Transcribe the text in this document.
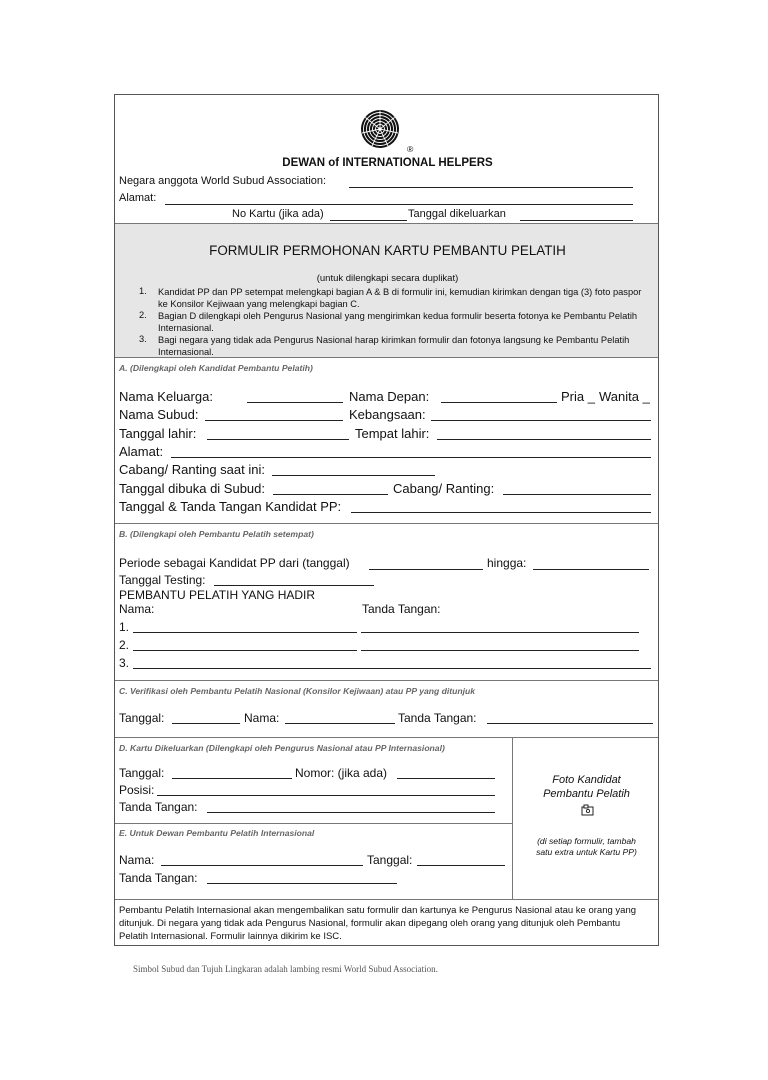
®
DEWAN of INTERNATIONAL HELPERS
Negara anggota World Subud Association:
Alamat:
No Kartu (jika ada)	Tanggal dikeluarkan
FORMULIR PERMOHONAN KARTU PEMBANTU PELATIH
(untuk dilengkapi secara duplikat)
1. Kandidat PP dan PP setempat melengkapi bagian A & B di formulir ini, kemudian kirimkan dengan tiga (3) foto paspor ke Konsilor Kejiwaan yang melengkapi bagian C.
2. Bagian D dilengkapi oleh Pengurus Nasional yang mengirimkan kedua formulir beserta fotonya ke Pembantu Pelatih Internasional.
3. Bagi negara yang tidak ada Pengurus Nasional harap kirimkan formulir dan fotonya langsung ke Pembantu Pelatih Internasional.
A. (Dilengkapi oleh Kandidat Pembantu Pelatih)
Nama Keluarga:	Nama Depan:	Pria _ Wanita _
Nama Subud:	Kebangsaan:
Tanggal lahir:	Tempat lahir:
Alamat:
Cabang/ Ranting saat ini:
Tanggal dibuka di Subud:	Cabang/ Ranting:
Tanggal & Tanda Tangan Kandidat PP:
B. (Dilengkapi oleh Pembantu Pelatih setempat)
Periode sebagai Kandidat PP dari (tanggal)	hingga:
Tanggal Testing:
PEMBANTU PELATIH YANG HADIR
Nama:	Tanda Tangan:
1.
2.
3.
C. Verifikasi oleh Pembantu Pelatih Nasional (Konsilor Kejiwaan) atau PP yang ditunjuk
Tanggal:	Nama:	Tanda Tangan:
D. Kartu Dikeluarkan (Dilengkapi oleh Pengurus Nasional atau PP Internasional)
Tanggal:	Nomor: (jika ada)
Posisi:
Tanda Tangan:
Foto Kandidat
Pembantu Pelatih
(di setiap formulir, tambah
satu extra untuk Kartu PP)
E. Untuk Dewan Pembantu Pelatih Internasional
Nama:	Tanggal:
Tanda Tangan:
Pembantu Pelatih Internasional akan mengembalikan satu formulir dan kartunya ke Pengurus Nasional atau ke orang yang ditunjuk. Di negara yang tidak ada Pengurus Nasional, formulir akan dipegang oleh orang yang ditunjuk oleh Pembantu Pelatih Internasional. Formulir lainnya dikirim ke ISC.
Simbol Subud dan Tujuh Lingkaran adalah lambing resmi World Subud Association.
